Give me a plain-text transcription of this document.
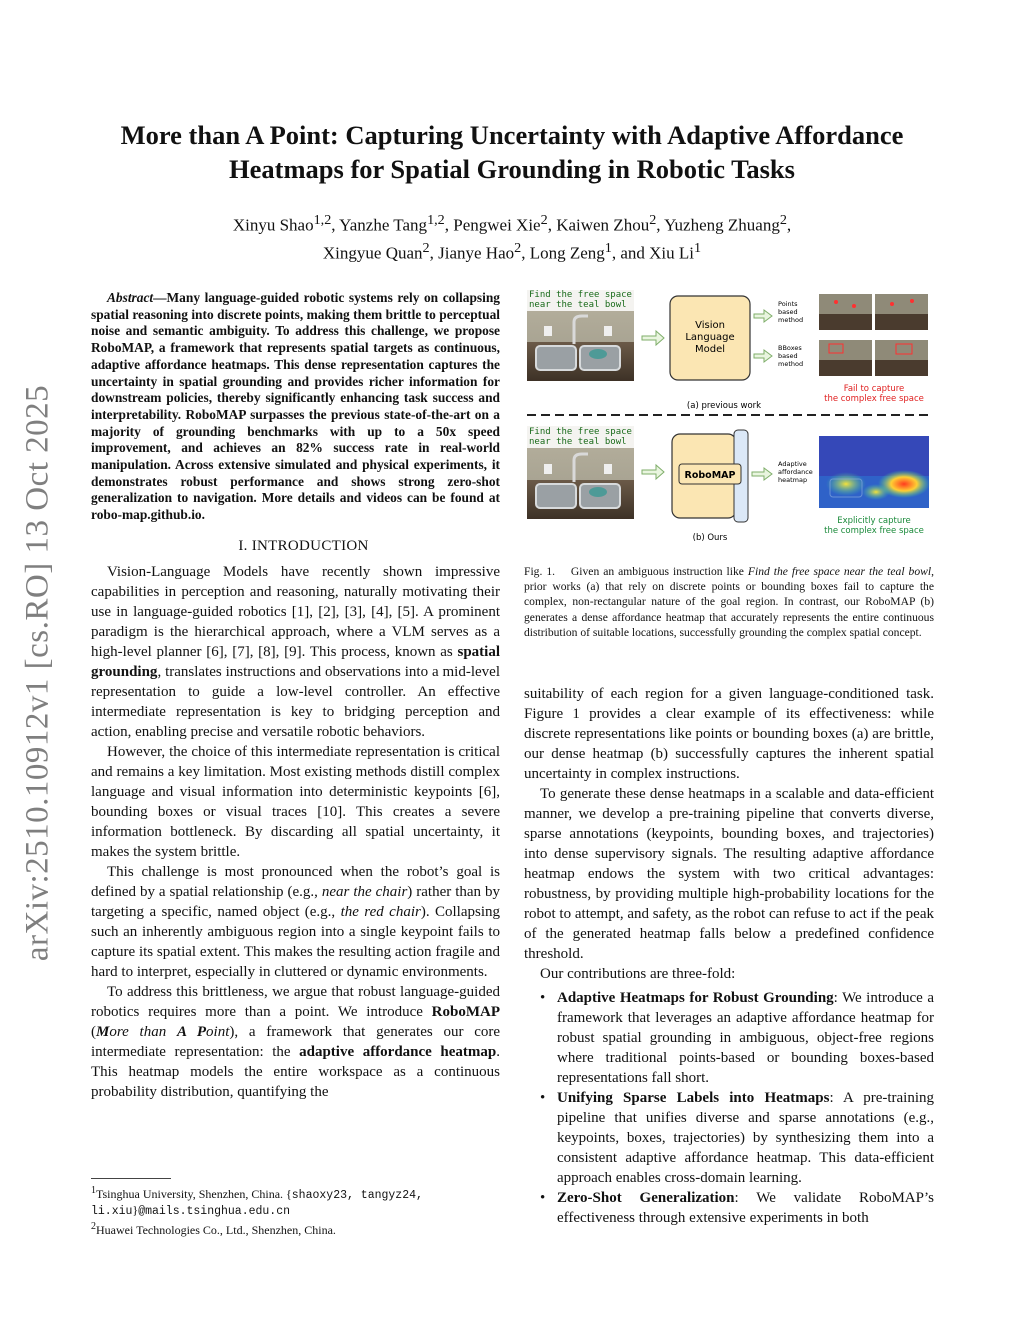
arXiv:2510.10912v1 [cs.RO] 13 Oct 2025
More than A Point: Capturing Uncertainty with Adaptive Affordance
Heatmaps for Spatial Grounding in Robotic Tasks
Xinyu Shao$^{1,2}$, Yanzhe Tang$^{1,2}$, Pengwei Xie$^2$, Kaiwen Zhou$^2$, Yuzheng Zhuang$^2$,
Xingyue Quan$^2$, Jianye Hao$^2$, Long Zeng$^1$, and Xiu Li$^1$
Abstract—Many language-guided robotic systems rely on collapsing spatial reasoning into discrete points, making them brittle to perceptual noise and semantic ambiguity. To address this challenge, we propose RoboMAP, a framework that represents spatial targets as continuous, adaptive affordance heatmaps. This dense representation captures the uncertainty in spatial grounding and provides richer information for downstream policies, thereby significantly enhancing task success and interpretability. RoboMAP surpasses the previous state-of-the-art on a majority of grounding benchmarks with up to a 50x speed improvement, and achieves an 82% success rate in real-world manipulation. Across extensive simulated and physical experiments, it demonstrates robust performance and shows strong zero-shot generalization to navigation. More details and videos can be found at robo-map.github.io.

I. INTRODUCTION

Vision-Language Models have recently shown impressive capabilities in perception and reasoning, naturally motivating their use in language-guided robotics [1], [2], [3], [4], [5]. A prominent paradigm is the hierarchical approach, where a VLM serves as a high-level planner [6], [7], [8], [9]. This process, known as spatial grounding, translates instructions and observations into a mid-level representation to guide a low-level controller. An effective intermediate representation is key to bridging perception and action, enabling precise and versatile robotic behaviors.

However, the choice of this intermediate representation is critical and remains a key limitation. Most existing methods distill complex language and visual information into deterministic keypoints [6], bounding boxes or visual traces [10]. This creates a severe information bottleneck. By discarding all spatial uncertainty, it makes the system brittle.

This challenge is most pronounced when the robot’s goal is defined by a spatial relationship (e.g., near the chair) rather than by targeting a specific, named object (e.g., the red chair). Collapsing such an inherently ambiguous region into a single keypoint fails to capture its spatial extent. This makes the resulting action fragile and hard to interpret, especially in cluttered or dynamic environments.

To address this brittleness, we argue that robust language-guided robotics requires more than a point. We introduce RoboMAP (More than A Point), a framework that generates our core intermediate representation: the adaptive affordance heatmap. This heatmap models the entire workspace as a continuous probability distribution, quantifying the

$^1$Tsinghua University, Shenzhen, China. {shaoxy23, tangyz24, li.xiu}@mails.tsinghua.edu.cn
$^2$Huawei Technologies Co., Ltd., Shenzhen, China.
Find the free space
near the teal bowl
Vision
Language
Model
Points
based
method
BBoxes
based
method
Fail to capture
the complex free space
(a) previous work
Find the free space
near the teal bowl
RoboMAP
Adaptive
affordance
heatmap
Explicitly capture
the complex free space
(b) Ours
Fig. 1.    Given an ambiguous instruction like Find the free space near the teal bowl, prior works (a) that rely on discrete points or bounding boxes fail to capture the complex, non-rectangular nature of the goal region. In contrast, our RoboMAP (b) generates a dense affordance heatmap that accurately represents the entire continuous distribution of suitable locations, successfully grounding the complex spatial concept.

suitability of each region for a given language-conditioned task. Figure 1 provides a clear example of its effectiveness: while discrete representations like points or bounding boxes (a) are brittle, our dense heatmap (b) successfully captures the inherent spatial uncertainty in complex instructions.

To generate these dense heatmaps in a scalable and data-efficient manner, we develop a pre-training pipeline that converts diverse, sparse annotations (keypoints, bounding boxes, and trajectories) into dense supervisory signals. The resulting adaptive affordance heatmap endows the system with two critical advantages: robustness, by providing multiple high-probability locations for the robot to attempt, and safety, as the robot can refuse to act if the peak of the generated heatmap falls below a predefined confidence threshold.

Our contributions are three-fold:

• Adaptive Heatmaps for Robust Grounding: We introduce a framework that leverages an adaptive affordance heatmap for robust spatial grounding in ambiguous, object-free regions where traditional points-based or bounding boxes-based representations fall short.
• Unifying Sparse Labels into Heatmaps: A pre-training pipeline that unifies diverse and sparse annotations (e.g., keypoints, boxes, trajectories) by synthesizing them into a consistent adaptive affordance heatmap. This data-efficient approach enables cross-domain learning.
• Zero-Shot Generalization: We validate RoboMAP’s effectiveness through extensive experiments in both
